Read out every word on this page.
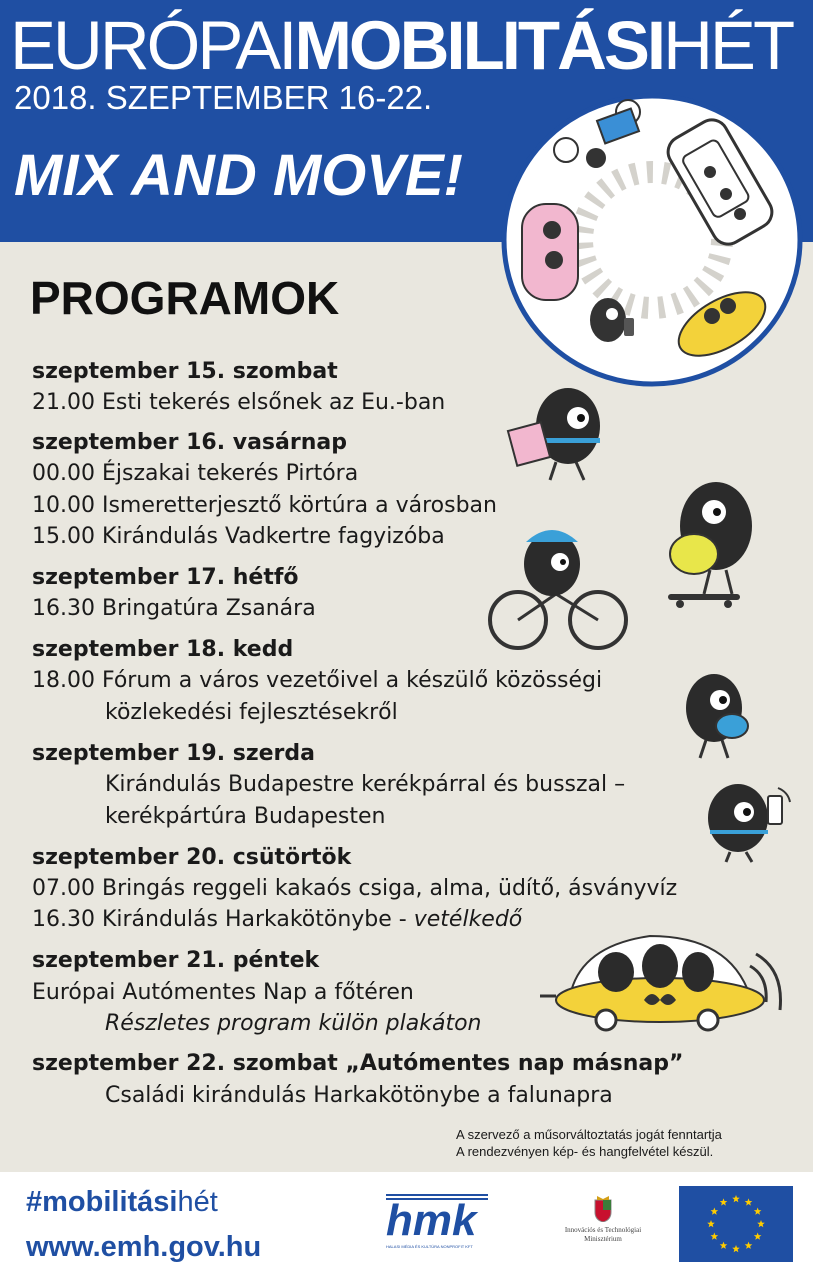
EURÓPAIMOBILITÁSIHÉT
2018. SZEPTEMBER 16-22.
MIX AND MOVE!
PROGRAMOK
szeptember 15. szombat
21.00 Esti tekerés elsőnek az Eu.-ban
szeptember 16. vasárnap
00.00 Éjszakai tekerés Pirtóra
10.00 Ismeretterjesztő körtúra a városban
15.00 Kirándulás Vadkertre fagyizóba
szeptember 17. hétfő
16.30 Bringatúra Zsanára
szeptember 18. kedd
18.00 Fórum a város vezetőivel a készülő közösségi
közlekedési fejlesztésekről
szeptember 19. szerda
Kirándulás Budapestre kerékpárral és busszal –
kerékpártúra Budapesten
szeptember 20. csütörtök
07.00 Bringás reggeli kakaós csiga, alma, üdítő, ásványvíz
16.30 Kirándulás Harkakötönybe - vetélkedő
szeptember 21. péntek
Európai Autómentes Nap a főtéren
Részletes program külön plakáton
szeptember 22. szombat „Autómentes nap másnap”
Családi kirándulás Harkakötönybe a falunapra
A szervező a műsorváltoztatás jogát fenntartja
A rendezvényen kép- és hangfelvétel készül.
#mobilitásihét
www.emh.gov.hu
hmk
HALASI MÉDIA ÉS KULTÚRA NONPROFIT KFT
Innovációs és Technológiai
Minisztérium
